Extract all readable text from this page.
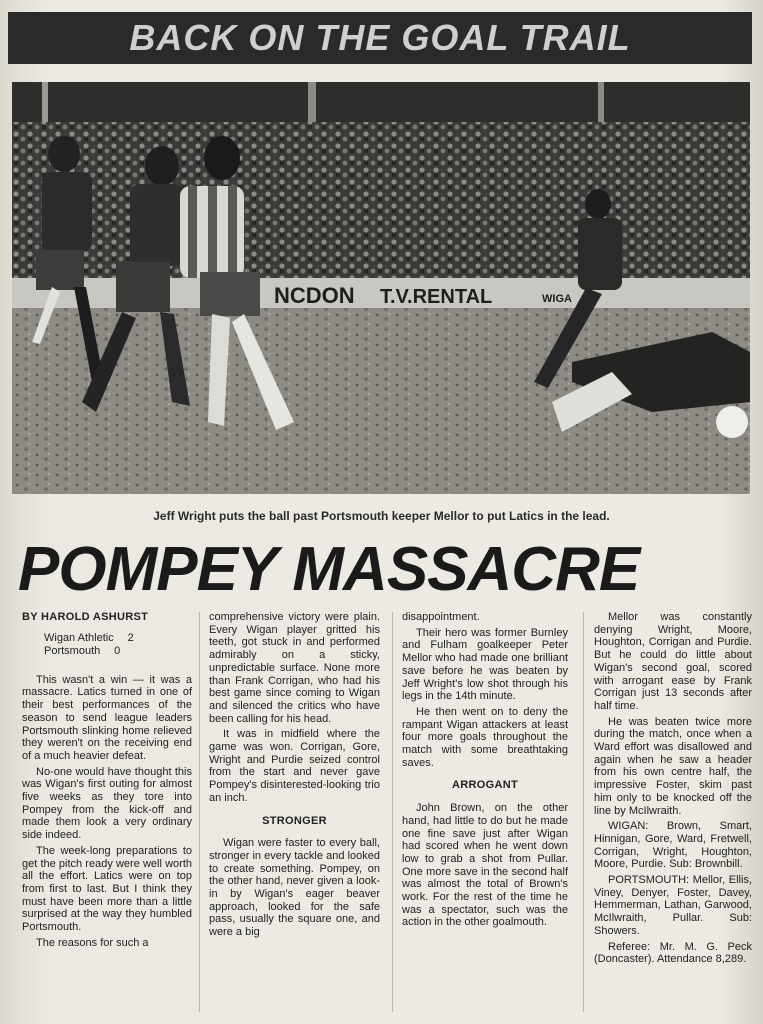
BACK ON THE GOAL TRAIL
NCDON T.V.RENTAL	WIGA
Jeff Wright puts the ball past Portsmouth keeper Mellor to put Latics in the lead.
POMPEY MASSACRE
BY HAROLD ASHURST
Wigan Athletic 2
Portsmouth 0

This wasn't a win — it was a massacre. Latics turned in one of their best performances of the season to send league leaders Portsmouth slinking home relieved they weren't on the receiving end of a much heavier defeat.

No-one would have thought this was Wigan's first outing for almost five weeks as they tore into Pompey from the kick-off and made them look a very ordinary side indeed.

The week-long preparations to get the pitch ready were well worth all the effort. Latics were on top from first to last. But I think they must have been more than a little surprised at the way they humbled Portsmouth.

The reasons for such a

comprehensive victory were plain. Every Wigan player gritted his teeth, got stuck in and performed admirably on a sticky, unpredictable surface. None more than Frank Corrigan, who had his best game since coming to Wigan and silenced the critics who have been calling for his head.

It was in midfield where the game was won. Corrigan, Gore, Wright and Purdie seized control from the start and never gave Pompey's disinterested-looking trio an inch.

STRONGER

Wigan were faster to every ball, stronger in every tackle and looked to create something. Pompey, on the other hand, never given a look-in by Wigan's eager beaver approach, looked for the safe pass, usually the square one, and were a big

disappointment.

Their hero was former Burnley and Fulham goalkeeper Peter Mellor who had made one brilliant save before he was beaten by Jeff Wright's low shot through his legs in the 14th minute.

He then went on to deny the rampant Wigan attackers at least four more goals throughout the match with some breathtaking saves.

ARROGANT

John Brown, on the other hand, had little to do but he made one fine save just after Wigan had scored when he went down low to grab a shot from Pullar. One more save in the second half was almost the total of Brown's work. For the rest of the time he was a spectator, such was the action in the other goalmouth.

Mellor was constantly denying Wright, Moore, Houghton, Corrigan and Purdie. But he could do little about Wigan's second goal, scored with arrogant ease by Frank Corrigan just 13 seconds after half time.

He was beaten twice more during the match, once when a Ward effort was disallowed and again when he saw a header from his own centre half, the impressive Foster, skim past him only to be knocked off the line by McIlwraith.

WIGAN: Brown, Smart, Hinnigan, Gore, Ward, Fretwell, Corrigan, Wright, Houghton, Moore, Purdie. Sub: Brownbill.

PORTSMOUTH: Mellor, Ellis, Viney, Denyer, Foster, Davey, Hemmerman, Lathan, Garwood, McIlwraith, Pullar. Sub: Showers.

Referee: Mr. M. G. Peck (Doncaster). Attendance 8,289.
